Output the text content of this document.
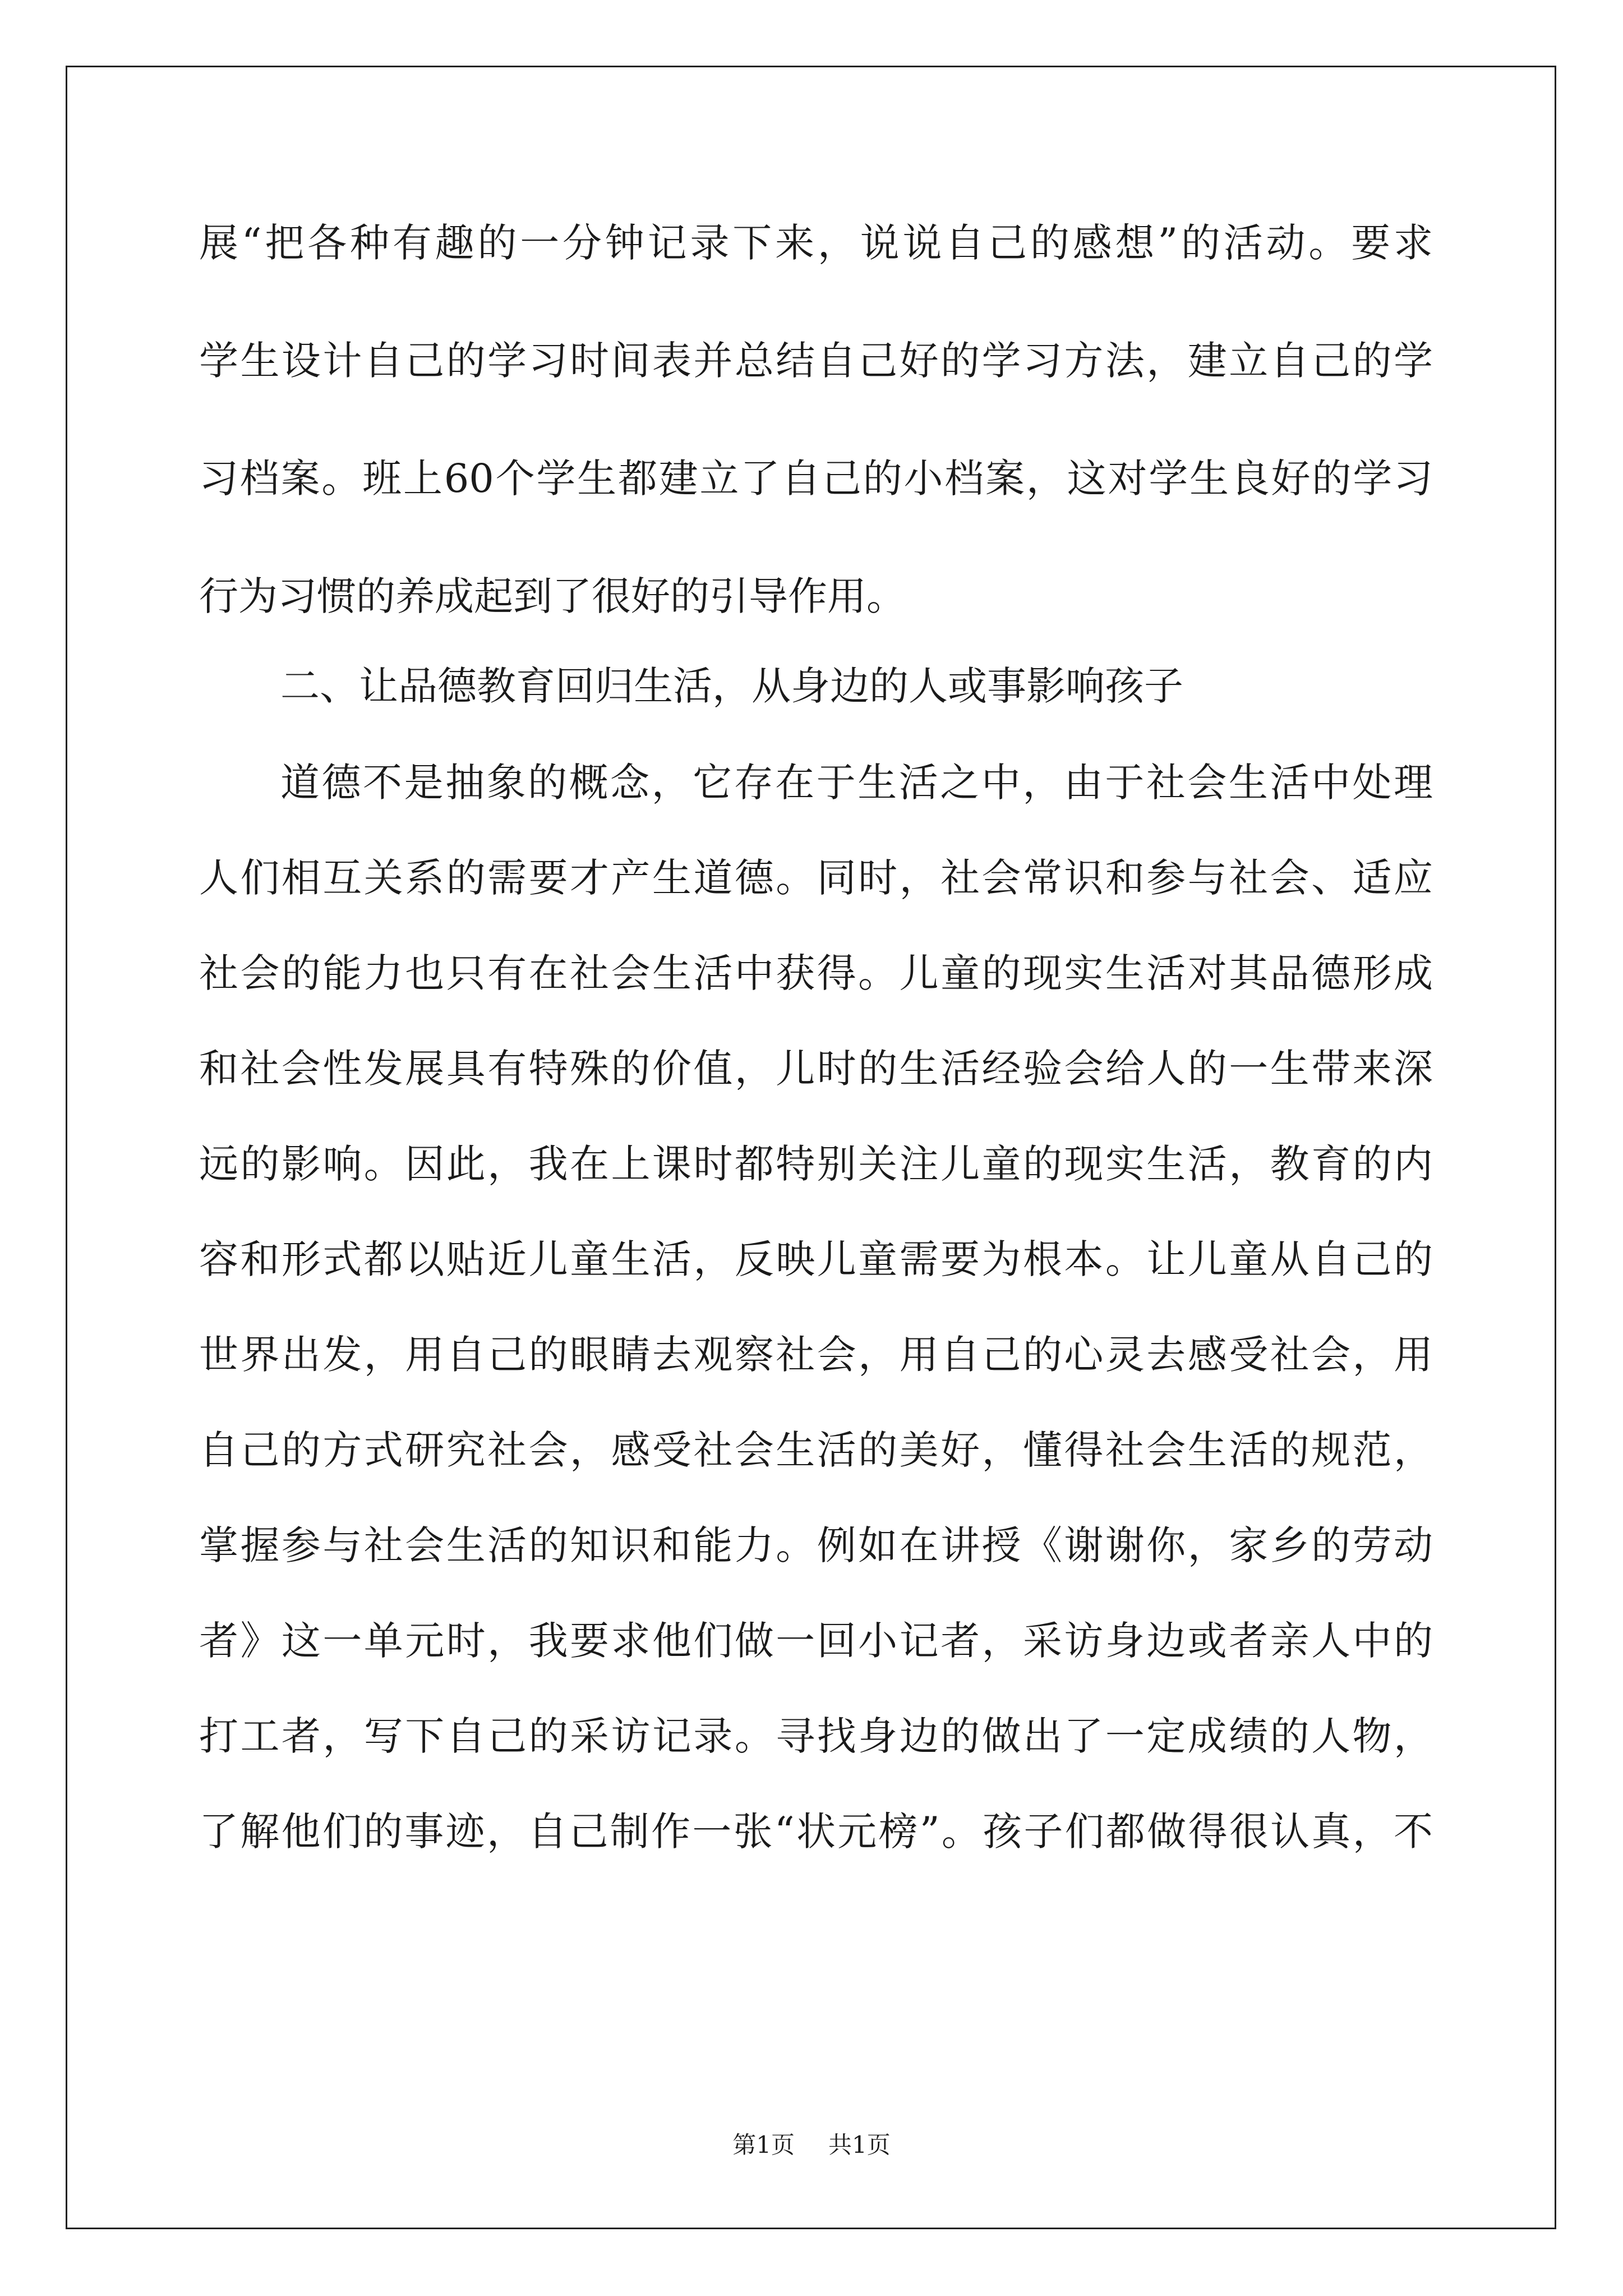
展“把各种有趣的一分钟记录下来，说说自己的感想”的活动。要求
学生设计自己的学习时间表并总结自己好的学习方法，建立自己的学
习档案。班上60个学生都建立了自己的小档案，这对学生良好的学习
行为习惯的养成起到了很好的引导作用。
二、让品德教育回归生活，从身边的人或事影响孩子
道德不是抽象的概念，它存在于生活之中，由于社会生活中处理
人们相互关系的需要才产生道德。同时，社会常识和参与社会、适应
社会的能力也只有在社会生活中获得。儿童的现实生活对其品德形成
和社会性发展具有特殊的价值，儿时的生活经验会给人的一生带来深
远的影响。因此，我在上课时都特别关注儿童的现实生活，教育的内
容和形式都以贴近儿童生活，反映儿童需要为根本。让儿童从自己的
世界出发，用自己的眼睛去观察社会，用自己的心灵去感受社会，用
自己的方式研究社会，感受社会生活的美好，懂得社会生活的规范，
掌握参与社会生活的知识和能力。例如在讲授《谢谢你，家乡的劳动
者》这一单元时，我要求他们做一回小记者，采访身边或者亲人中的
打工者，写下自己的采访记录。寻找身边的做出了一定成绩的人物，
了解他们的事迹，自己制作一张“状元榜”。孩子们都做得很认真，不
第1页 共1页
